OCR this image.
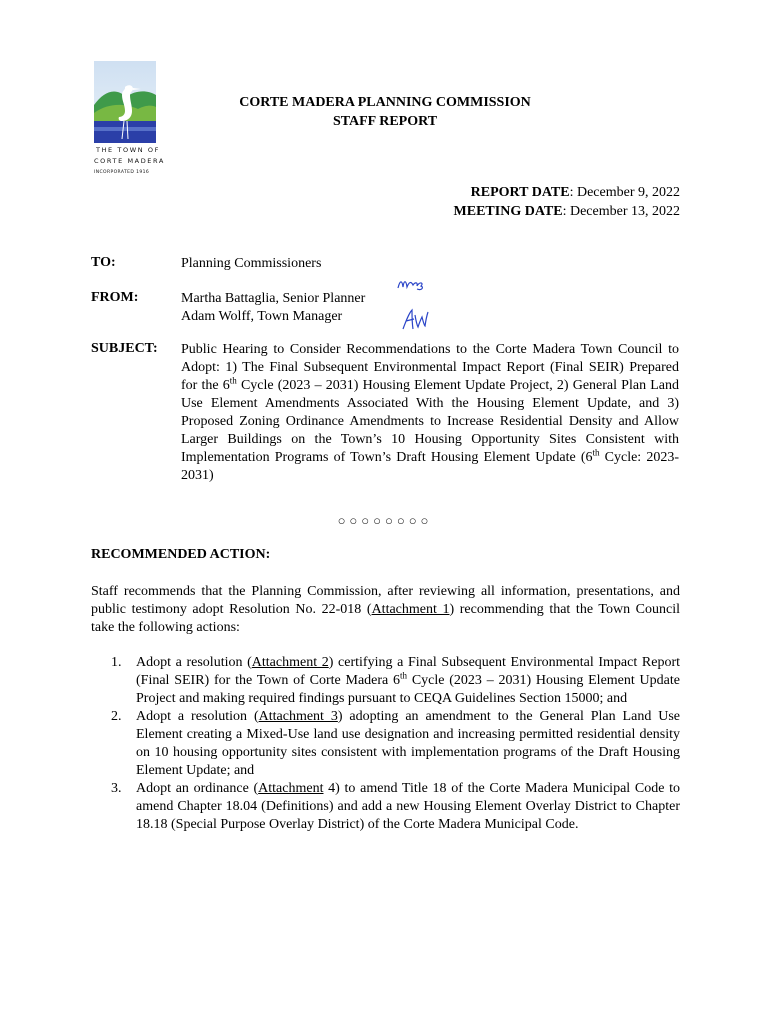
THE TOWN OF
CORTE MADERA
INCORPORATED 1916
CORTE MADERA PLANNING COMMISSION
STAFF REPORT
REPORT DATE: December 9, 2022
MEETING DATE: December 13, 2022
TO:	Planning Commissioners
FROM:	Martha Battaglia, Senior Planner
Adam Wolff, Town Manager
SUBJECT: Public Hearing to Consider Recommendations to the Corte Madera Town Council to Adopt: 1) The Final Subsequent Environmental Impact Report (Final SEIR) Prepared for the 6th Cycle (2023 – 2031) Housing Element Update Project, 2) General Plan Land Use Element Amendments Associated With the Housing Element Update, and 3) Proposed Zoning Ordinance Amendments to Increase Residential Density and Allow Larger Buildings on the Town’s 10 Housing Opportunity Sites Consistent with Implementation Programs of Town’s Draft Housing Element Update (6th Cycle: 2023-2031)
○○○○○○○○
RECOMMENDED ACTION:
Staff recommends that the Planning Commission, after reviewing all information, presentations, and public testimony adopt Resolution No. 22-018 (Attachment 1) recommending that the Town Council take the following actions:
1. Adopt a resolution (Attachment 2) certifying a Final Subsequent Environmental Impact Report (Final SEIR) for the Town of Corte Madera 6th Cycle (2023 – 2031) Housing Element Update Project and making required findings pursuant to CEQA Guidelines Section 15000; and
2. Adopt a resolution (Attachment 3) adopting an amendment to the General Plan Land Use Element creating a Mixed-Use land use designation and increasing permitted residential density on 10 housing opportunity sites consistent with implementation programs of the Draft Housing Element Update; and
3. Adopt an ordinance (Attachment 4) to amend Title 18 of the Corte Madera Municipal Code to amend Chapter 18.04 (Definitions) and add a new Housing Element Overlay District to Chapter 18.18 (Special Purpose Overlay District) of the Corte Madera Municipal Code.
